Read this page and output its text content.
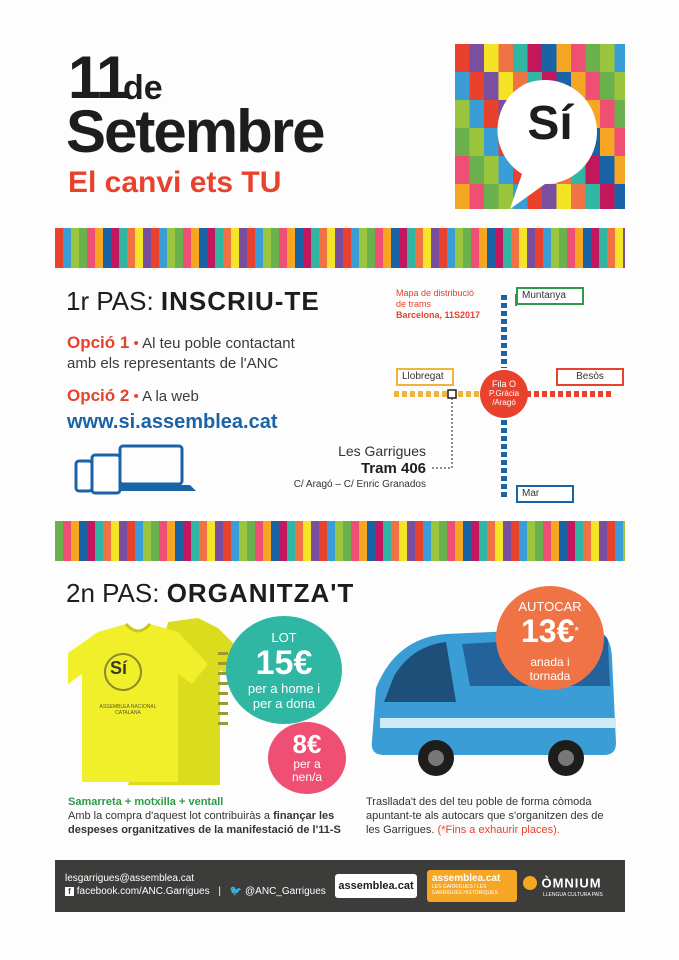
11
de
Setembre
El canvi ets TU
Sí
1r PAS: INSCRIU-TE
Opció 1 • Al teu poble contactant
amb els representants de l'ANC
Opció 2 • A la web
www.si.assemblea.cat
Mapa de distribució
de trams
Barcelona, 11S2017
Fila O
P.Gràcia
/Aragó
Muntanya
Llobregat	Besòs
Mar
Les Garrigues
Tram 406
C/ Aragó – C/ Enric Granados
2n PAS: ORGANITZA'T
Sí
ASSEMBLEA NACIONAL CATALANA
LOT
15€
per a home i
per a dona
8€
per a
nen/a
AUTOCAR
13€*
anada i
tornada
Samarreta + motxilla + ventall
Amb la compra d'aquest lot contribuiràs a finançar les
despeses organitzatives de la manifestació de l'11-S
Trasllada't des del teu poble de forma còmoda
apuntant-te als autocars que s'organitzen des de
les Garrigues. (*Fins a exhaurir places).
lesgarrigues@assemblea.cat
f facebook.com/ANC.Garrigues | 🐦 @ANC_Garrigues	assemblea.cat
assemblea.cat
LES GARRIGUES I LES
GARRIGUES HISTÒRIQUES
ÒMNIUM
LLENGUA CULTURA PAÍS
